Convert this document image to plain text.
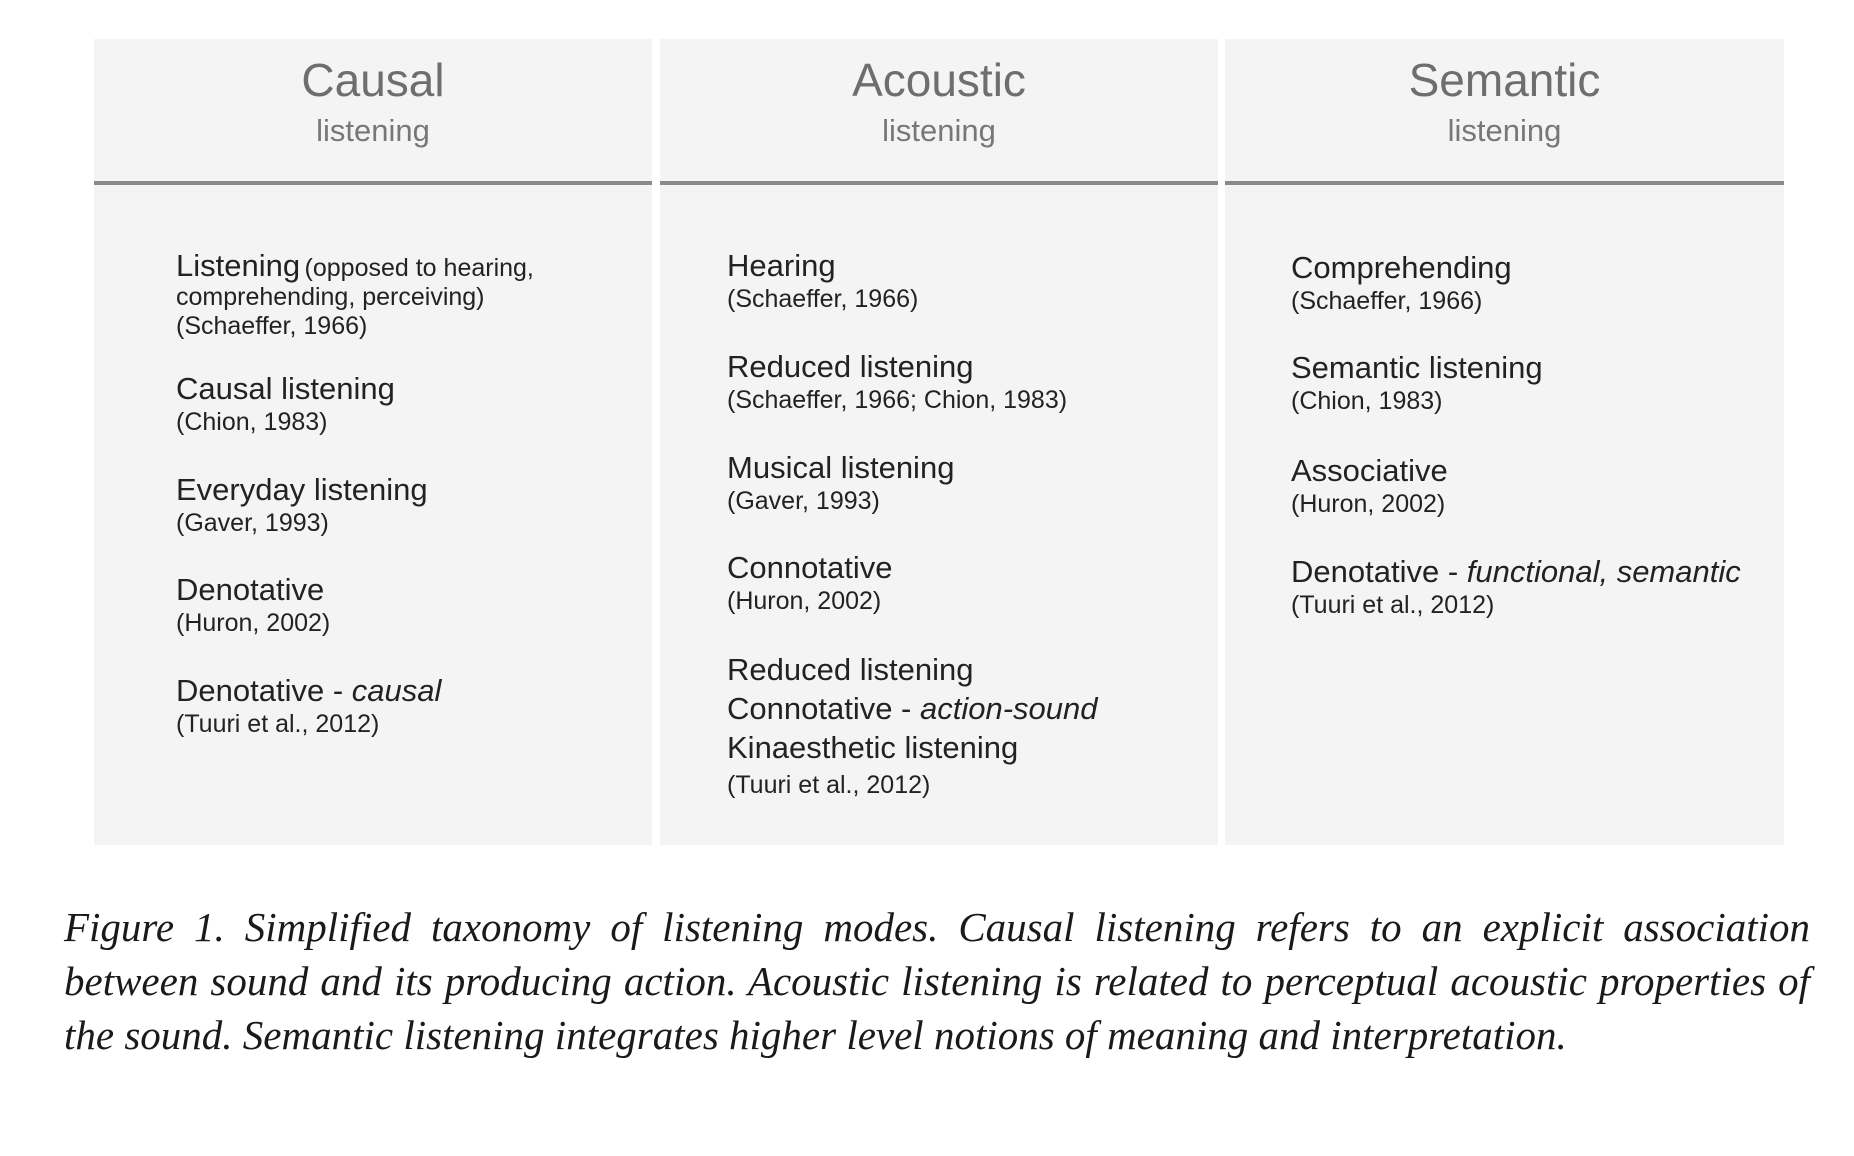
Causal
listening
Listening (opposed to hearing,
comprehending, perceiving)
(Schaeffer, 1966)
Causal listening
(Chion, 1983)
Everyday listening
(Gaver, 1993)
Denotative
(Huron, 2002)
Denotative - causal
(Tuuri et al., 2012)
Acoustic
listening
Hearing
(Schaeffer, 1966)
Reduced listening
(Schaeffer, 1966; Chion, 1983)
Musical listening
(Gaver, 1993)
Connotative
(Huron, 2002)
Reduced listening
Connotative - action-sound
Kinaesthetic listening
(Tuuri et al., 2012)
Semantic
listening
Comprehending
(Schaeffer, 1966)
Semantic listening
(Chion, 1983)
Associative
(Huron, 2002)
Denotative - functional, semantic
(Tuuri et al., 2012)
Figure 1. Simplified taxonomy of listening modes. Causal listening refers to an explicit association between sound and its producing action. Acoustic listening is related to perceptual acoustic properties of the sound. Semantic listening integrates higher level notions of meaning and interpretation.
